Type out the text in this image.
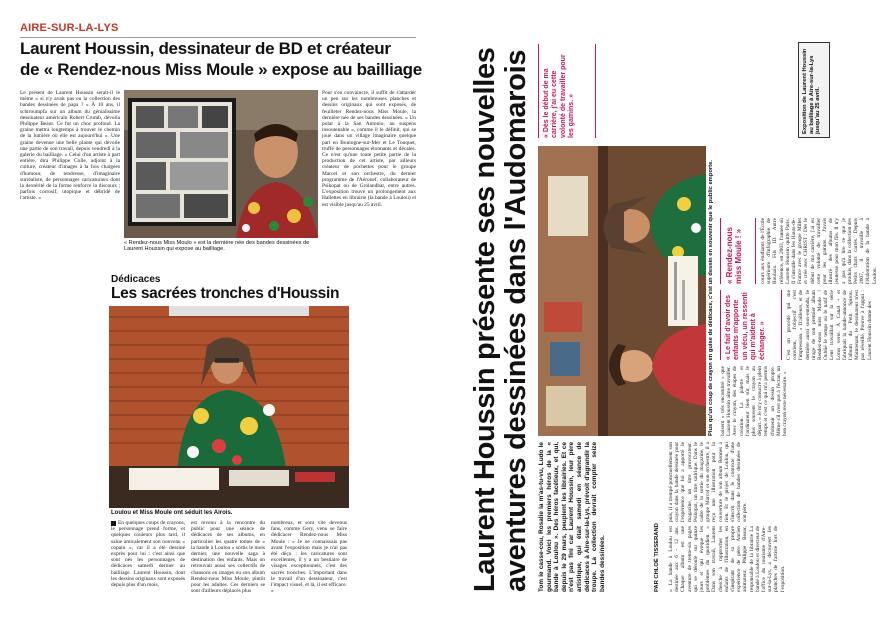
AIRE-SUR-LA-LYS
Laurent Houssin, dessinateur de BD et créateur
de « Rendez-nous Miss Moule » expose au bailliage
Le présent de Laurent Houssin serait-il le même « si n'y avait pas eu la collection des bandes dessinées de papa ? « À 10 ans, il schtroumpfa sur un album du génialissime dessinateur américain Robert Crumb, dévoila Philippe Beaur. Ce fut un choc profond. La graine mettra longtemps à trouver le chemin de la lumière où elle est aujourd'hui ». Une graine devenue une belle plante qui dévoile une partie de son travail, depuis vendredi à la galerie du bailliage. « Celui d'un artiste à part entière, dira Philippe Colle, adjoint à la culture, créateur d'images à la fois chargées d'humour, de tendresse, d'imaginaire surréaliste, de personnages caricaturaux dont la dextérité de la forme renforce la discours ; parfois corrosif, utopique et débridé de l'artiste. »
« Rendez-nous Miss Moulo » est la dernière née des bandes dessinées de Laurent Houssin qui expose au bailliage.
Pour s'en convaincre, il suffit de s'attarder un peu sur les nombreuses planches et dessins originaux qui sont exposés, de feuilleter Rendez-nous Miss Moule, la dernière née de ses bandes dessinées. « Un polar à la San Antonio, au suspens insoutenable », comme il le définit, qui se joue dans un village imaginaire quelque part en Boulogne-sur-Mer et Le Touquet, truffé de personnages étonnants et décalés. Ce n'est qu'une toute petite partie de la production de cet artiste, par ailleurs créateur de pochettes pour le groupe Marcel et son orchestre, du dernier programme de l'Aéronef, collaborateur de Psikopat ou de Grolandbat, entre autres. L'exposition trouve un prolongement aux Hallettes en librairie (la bande à Loulou) et est visible jusqu'au 25 avril.
Dédicaces
Les sacrées tronches d'Houssin
Loulou et Miss Moule ont séduit les Airois.
En quelques coups de crayons, le personnage prend forme, et quelques couleurs plus tard, il salue amicalement son nouveau « copain », car il a été dessiné exprès pour lui : c'est ainsi que sont nés les personnages de dédicaces samedi dernier au bailliage. Laurent Houssin, dont les dessins originaux sont exposés depuis plus d'un mois,
est revenu à la rencontre du public pour une séance de dédicaces de ses albums, en particulier les quatre tomes de « la bande à Loulou » sortis le mois dernier, une nouvelle saga à destination des enfants. Mais on retrouvait aussi ses collectifs de chansons en images ou son album Rendez-nous Miss Moule, plutôt pour les adultes. Ces derniers se sont d'ailleurs déplacés plus
nombreux, et sont vite devenus fans, comme Gery, venu se faire dédicacer Rendez-nous Miss Moule : « Je ne connaissais pas avant l'exposition mais je n'ai pas été déçu : les caricatures sont excellentes, il y a un bestiaire de visages exceptionnels, c'est des sacrés tronches. L'important dans le travail d'un dessinateur, c'est l'impact visuel, et là, il est efficace. »	Laurent Houssin présente ses nouvelles aventures dessinées dans l'Audomarois Tom le casse-cou, Rosalie la m'as-tu-vu, Ludo le gourmand. Voici les premiers héros de la « bande à Loulou ». Des héros facétieux, et qui, depuis le 29 mars, peuplent les librairies. Et ce n'est pas fini car Laurent Houssin, leur père artistique, qui était samedi en séance de dédicaces à Aire-sur-la-Lys, prévoit d'agrandir la troupe. La collection devrait compter seize bandes dessinées.	PAR CHLOÉ TISSERAND « La bande à Loulou est destinée aux 6 - 12 ans. Chaque album est une aventure de trente-six pages qui se déroule sur quinze jours et qui évoque les problèmes du quotidien. » Dans son travail, Laurent cherche à rapprocher les enfants de l'illustration, en s'inspirant de sa propre expérience de père. Ancien animateur, Philippe Beaur, responsable de la librairie La bande à Loulou et directeur de l'office du tourisme d'Aire-sur-la-Lys, a découvert les planches de l'artiste lors de l'exposition.
puis, il a trempé ponctuellement son crayon dans la bande dessinée pour l'expérience que lui a apporté le magazine, un titre provocateur. Psikopat, un titre satirique. Dans le cadre de la sortie du magazine, le groupe Marcel et son orchestre, il a reçu une illustration pour la couverture de son album Bonnes à rien. Et le projet de Loulou, qui s'inscrit dans le contexte d'une collection de bandes dessinées de son père.
Plus qu'un coup de crayon en guise de dédicace, c'est un dessin en souvenir que le public emporte. baisent « très encombré » que Laurent Houssin aime travailler. Avec le crayon, des étapes de création. La palette et l'ordinateur bien sûr, mais le plus souvent le crayon au départ. « Je m'y consacre à plein temps et c'est ce qui m'a permis d'obtenir un dessin propre. Même s'il n'est pas à l'écran, un bon crayon reste nécessaire. »
« Le fait d'avoir des enfants m'apporte un vécu, un ressenti qui m'aident à échanger. »	C'est un procédé qui me convient, l'objectif c'est l'impression. » D'ailleurs, et de dernière aussi sous-entendu, le tirage de son premier album Rendez-nous miss Moule ! Oublié le temps où le natif de Lens travaillait sur la série Lotus verte. À Canal + et fabriquait la bande-annonce de l'album du Petit Spirou. Maintenant, le dessinateur n'est pas réveillé. Preuve à l'appui : Laurent Houssin donne des
« Rendez-nous miss Moule ! »	cours aux étudiants de l'École supérieure d'Infographie de Roubaix. Fils ID. Autre référence, en 2003, l'année où Laurent Houssin quitte Paris. Il s'installe dans les Hauts-de-France avec le groupe Millet et crée avec CHRIST : Dès le début de ma carrière, j'ai eu cette volonté de travailler pour les gamins. J'avais illustré des albums de jeunesse pour mon fils. Il n'y a pas qu'à lire ce que je produis, dans la collection des Petits chats carrés. Depuis 2007, il travaille à l'élaboration de la bande à Loulou.
« Dès le début de ma carrière, j'ai eu cette volonté de travailler pour les gamins. »	Exposition de Laurent Houssin au bailliage à Aire-sur-la-Lys jusqu'au 25 avril.
